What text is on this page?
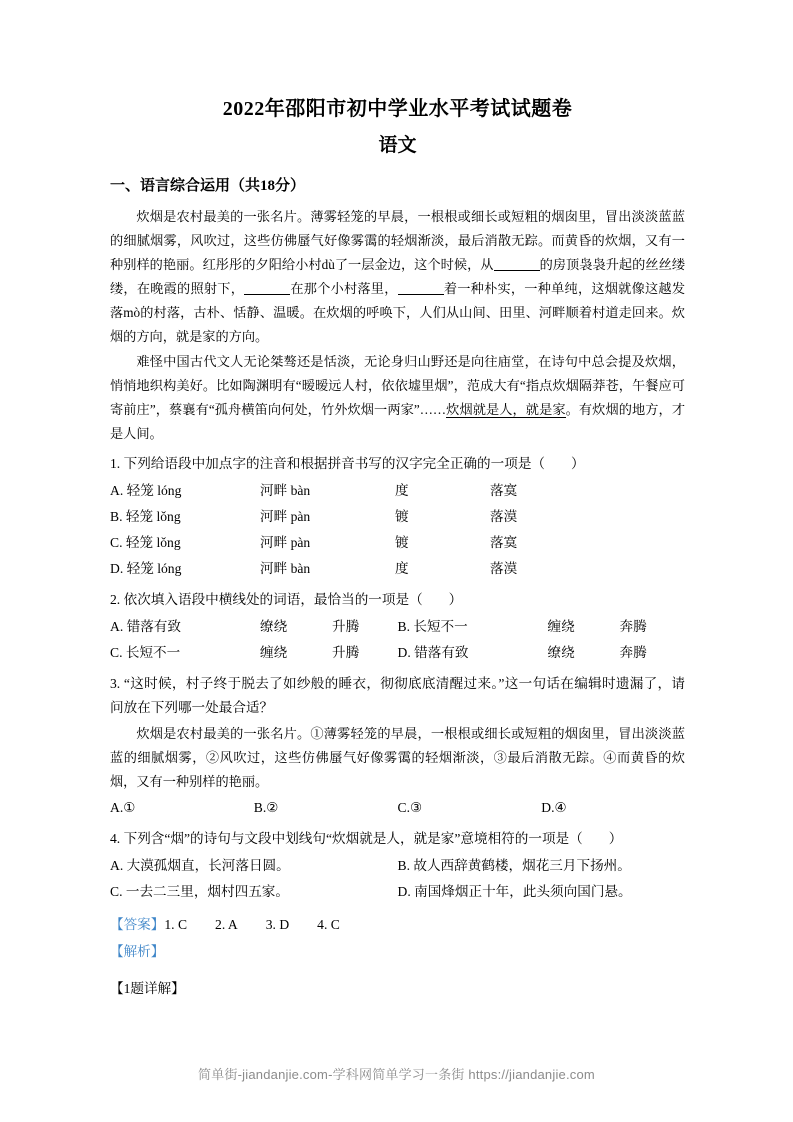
2022年邵阳市初中学业水平考试试题卷
语文
一、语言综合运用（共18分）

炊烟是农村最美的一张名片。薄雾轻笼的早晨，一根根或细长或短粗的烟囱里，冒出淡淡蓝蓝的细腻烟雾，风吹过，这些仿佛蜃气好像雾霭的轻烟渐淡，最后消散无踪。而黄昏的炊烟，又有一种别样的艳丽。红彤彤的夕阳给小村dù了一层金边，这个时候，从	的房顶袅袅升起的丝丝缕缕，在晚霞的照射下，	在那个小村落里，	着一种朴实，一种单纯，这烟就像这越发落mò的村落，古朴、恬静、温暖。在炊烟的呼唤下，人们从山间、田里、河畔顺着村道走回来。炊烟的方向，就是家的方向。

难怪中国古代文人无论桀骜还是恬淡，无论身归山野还是向往庙堂，在诗句中总会提及炊烟，悄悄地织构美好。比如陶渊明有“暧暧远人村，依依墟里烟”，范成大有“指点炊烟隔莽苍，午餐应可寄前庄”，蔡襄有“孤舟横笛向何处，竹外炊烟一两家”……炊烟就是人，就是家。有炊烟的地方，才是人间。

1. 下列给语段中加点字的注音和根据拼音书写的汉字完全正确的一项是（ ）
A. 轻笼 lóng	河畔 bàn	度	落寞
B. 轻笼 lǒng	河畔 pàn	镀	落漠
C. 轻笼 lǒng	河畔 pàn	镀	落寞
D. 轻笼 lóng	河畔 bàn	度	落漠
2. 依次填入语段中横线处的词语，最恰当的一项是（ ）
A. 错落有致	缭绕	升腾	B. 长短不一	缠绕	奔腾
C. 长短不一	缠绕	升腾	D. 错落有致	缭绕	奔腾
3. “这时候，村子终于脱去了如纱般的睡衣，彻彻底底清醒过来。”这一句话在编辑时遗漏了，请问放在下列哪一处最合适？

炊烟是农村最美的一张名片。①薄雾轻笼的早晨，一根根或细长或短粗的烟囱里，冒出淡淡蓝蓝的细腻烟雾，②风吹过，这些仿佛蜃气好像雾霭的轻烟渐淡，③最后消散无踪。④而黄昏的炊烟，又有一种别样的艳丽。

A.①	B.②	C.③	D.④
4. 下列含“烟”的诗句与文段中划线句“炊烟就是人，就是家”意境相符的一项是（ ）
A. 大漠孤烟直，长河落日圆。	B. 故人西辞黄鹤楼，烟花三月下扬州。
C. 一去二三里，烟村四五家。	D. 南国烽烟正十年，此头须向国门悬。
【答案】1. C 2. A 3. D 4. C
【解析】
【1题详解】
简单街-jiandanjie.com-学科网简单学习一条街 https://jiandanjie.com
